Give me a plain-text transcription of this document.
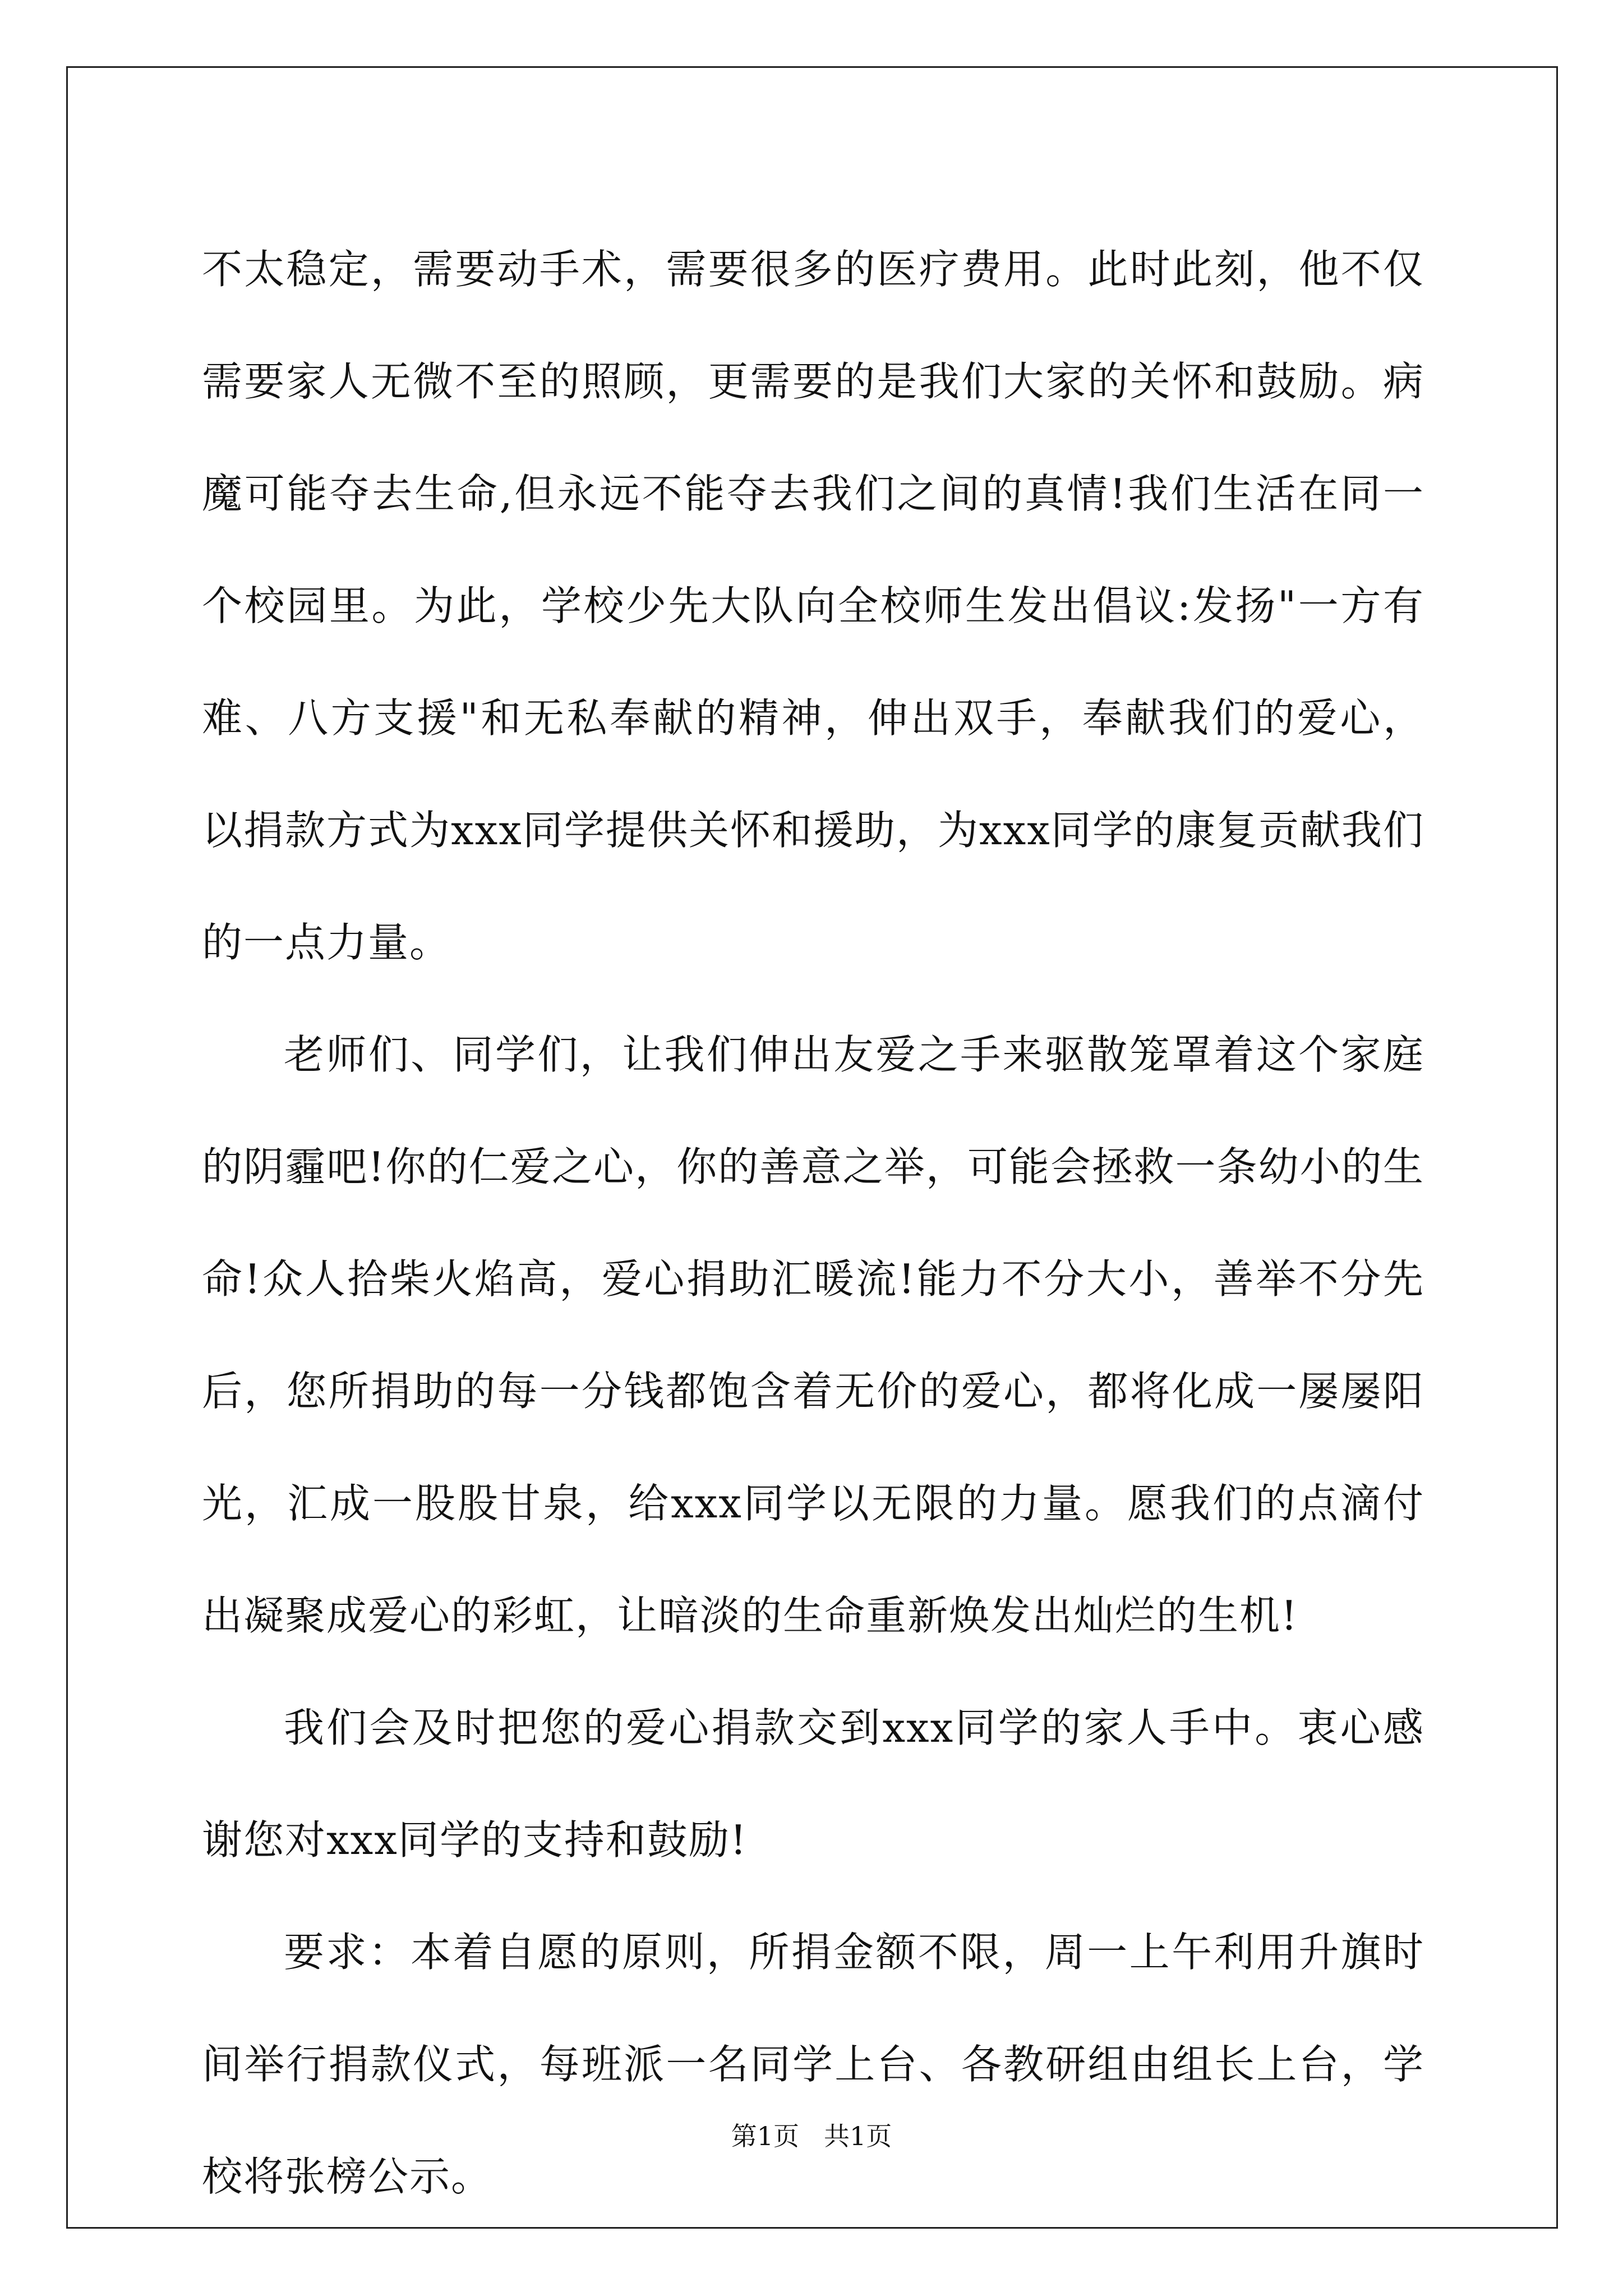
不太稳定，需要动手术，需要很多的医疗费用。此时此刻，他不仅需要家人无微不至的照顾，更需要的是我们大家的关怀和鼓励。病魔可能夺去生命,但永远不能夺去我们之间的真情!我们生活在同一个校园里。为此，学校少先大队向全校师生发出倡议:发扬"一方有难、八方支援"和无私奉献的精神，伸出双手，奉献我们的爱心，以捐款方式为xxx同学提供关怀和援助，为xxx同学的康复贡献我们的一点力量。

老师们、同学们，让我们伸出友爱之手来驱散笼罩着这个家庭的阴霾吧!你的仁爱之心，你的善意之举，可能会拯救一条幼小的生命!众人拾柴火焰高，爱心捐助汇暖流!能力不分大小，善举不分先后，您所捐助的每一分钱都饱含着无价的爱心，都将化成一屡屡阳光，汇成一股股甘泉，给xxx同学以无限的力量。愿我们的点滴付出凝聚成爱心的彩虹，让暗淡的生命重新焕发出灿烂的生机!

我们会及时把您的爱心捐款交到xxx同学的家人手中。衷心感谢您对xxx同学的支持和鼓励!

要求：本着自愿的原则，所捐金额不限，周一上午利用升旗时间举行捐款仪式，每班派一名同学上台、各教研组由组长上台，学校将张榜公示。

第1页 共1页
